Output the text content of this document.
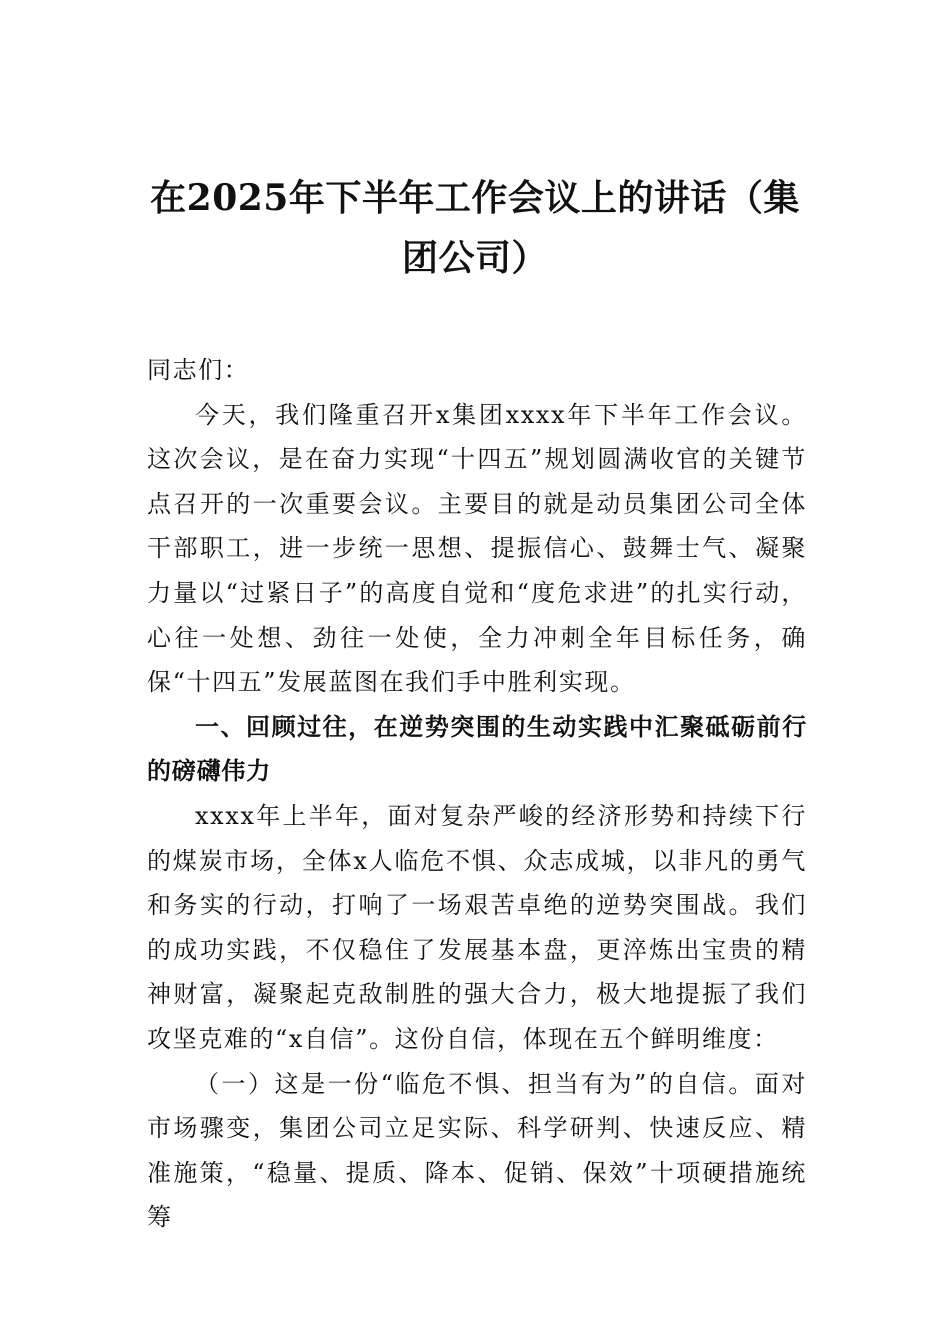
在2025年下半年工作会议上的讲话（集团公司）

同志们：

今天，我们隆重召开x集团xxxx年下半年工作会议。这次会议，是在奋力实现“十四五”规划圆满收官的关键节点召开的一次重要会议。主要目的就是动员集团公司全体干部职工，进一步统一思想、提振信心、鼓舞士气、凝聚力量以“过紧日子”的高度自觉和“度危求进”的扎实行动，心往一处想、劲往一处使，全力冲刺全年目标任务，确保“十四五”发展蓝图在我们手中胜利实现。

一、回顾过往，在逆势突围的生动实践中汇聚砥砺前行的磅礴伟力

xxxx年上半年，面对复杂严峻的经济形势和持续下行的煤炭市场，全体x人临危不惧、众志成城，以非凡的勇气和务实的行动，打响了一场艰苦卓绝的逆势突围战。我们的成功实践，不仅稳住了发展基本盘，更淬炼出宝贵的精神财富，凝聚起克敌制胜的强大合力，极大地提振了我们攻坚克难的“x自信”。这份自信，体现在五个鲜明维度：

（一）这是一份“临危不惧、担当有为”的自信。面对市场骤变，集团公司立足实际、科学研判、快速反应、精准施策，“稳量、提质、降本、促销、保效”十项硬措施统筹
